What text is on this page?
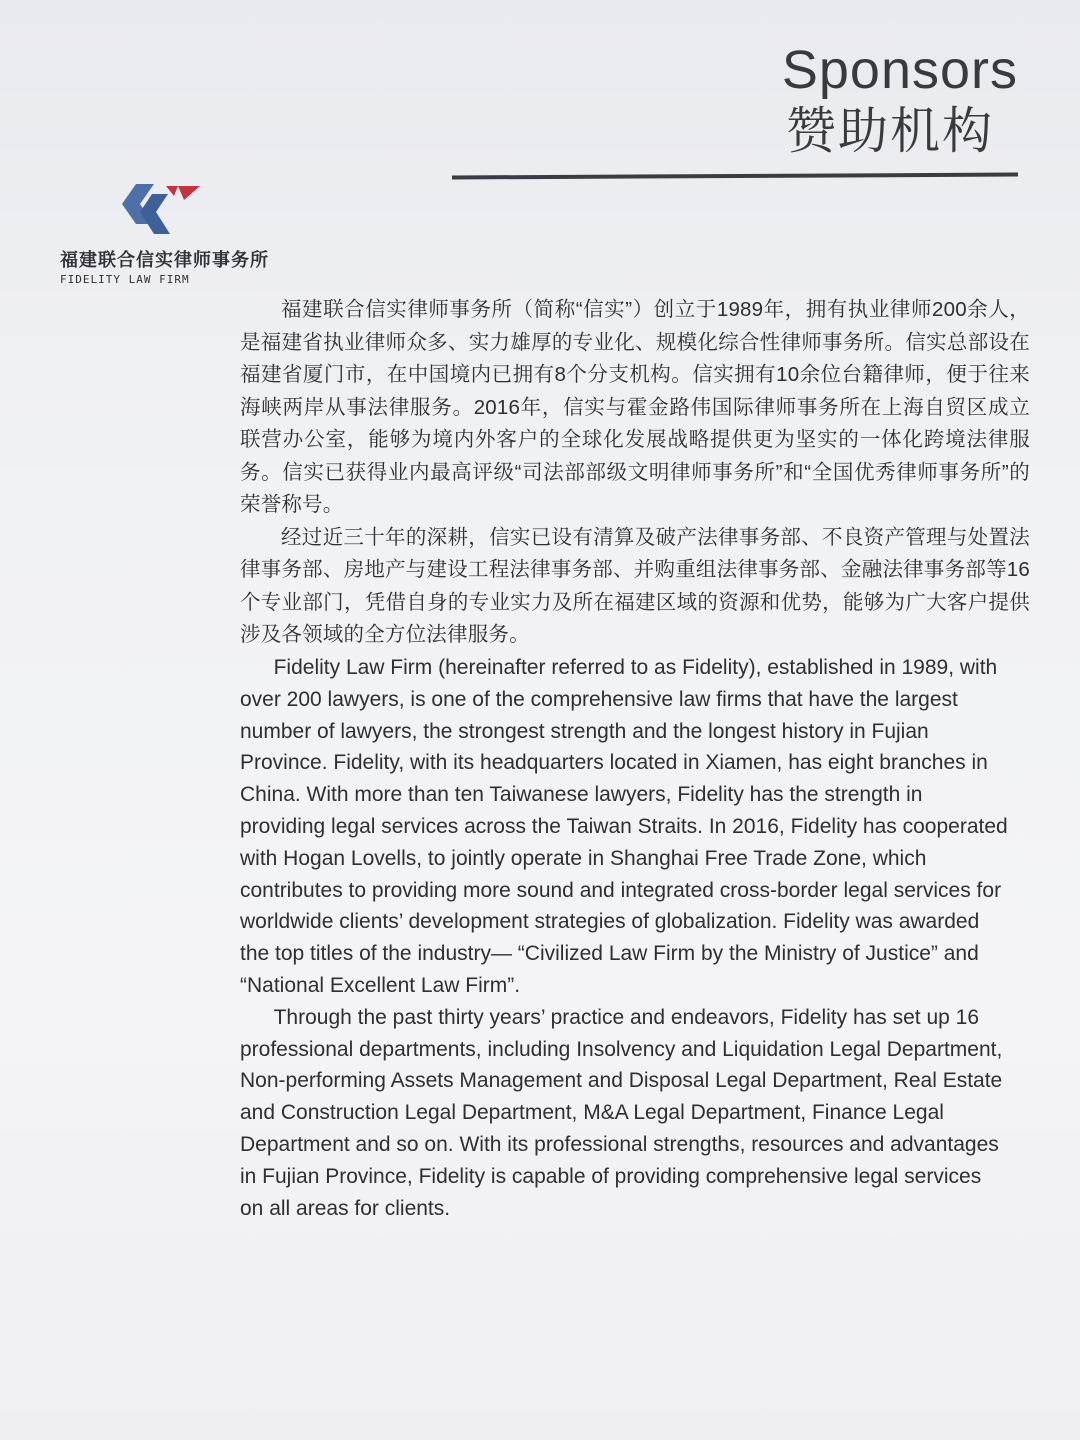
Sponsors
赞助机构
福建联合信实律师事务所
FIDELITY LAW FIRM

福建联合信实律师事务所（简称“信实”）创立于1989年，拥有执业律师200余人，是福建省执业律师众多、实力雄厚的专业化、规模化综合性律师事务所。信实总部设在福建省厦门市，在中国境内已拥有8个分支机构。信实拥有10余位台籍律师，便于往来海峡两岸从事法律服务。2016年，信实与霍金路伟国际律师事务所在上海自贸区成立联营办公室，能够为境内外客户的全球化发展战略提供更为坚实的一体化跨境法律服务。信实已获得业内最高评级“司法部部级文明律师事务所”和“全国优秀律师事务所”的荣誉称号。

经过近三十年的深耕，信实已设有清算及破产法律事务部、不良资产管理与处置法律事务部、房地产与建设工程法律事务部、并购重组法律事务部、金融法律事务部等16个专业部门，凭借自身的专业实力及所在福建区域的资源和优势，能够为广大客户提供涉及各领域的全方位法律服务。

Fidelity Law Firm (hereinafter referred to as Fidelity), established in 1989, with over 200 lawyers, is one of the comprehensive law firms that have the largest number of lawyers, the strongest strength and the longest history in Fujian Province. Fidelity, with its headquarters located in Xiamen, has eight branches in China. With more than ten Taiwanese lawyers, Fidelity has the strength in providing legal services across the Taiwan Straits. In 2016, Fidelity has cooperated with Hogan Lovells, to jointly operate in Shanghai Free Trade Zone, which contributes to providing more sound and integrated cross-border legal services for worldwide clients’ development strategies of globalization. Fidelity was awarded the top titles of the industry— “Civilized Law Firm by the Ministry of Justice” and “National Excellent Law Firm”.

Through the past thirty years’ practice and endeavors, Fidelity has set up 16 professional departments, including Insolvency and Liquidation Legal Department, Non-performing Assets Management and Disposal Legal Department, Real Estate and Construction Legal Department, M&A Legal Department, Finance Legal Department and so on. With its professional strengths, resources and advantages in Fujian Province, Fidelity is capable of providing comprehensive legal services on all areas for clients.
